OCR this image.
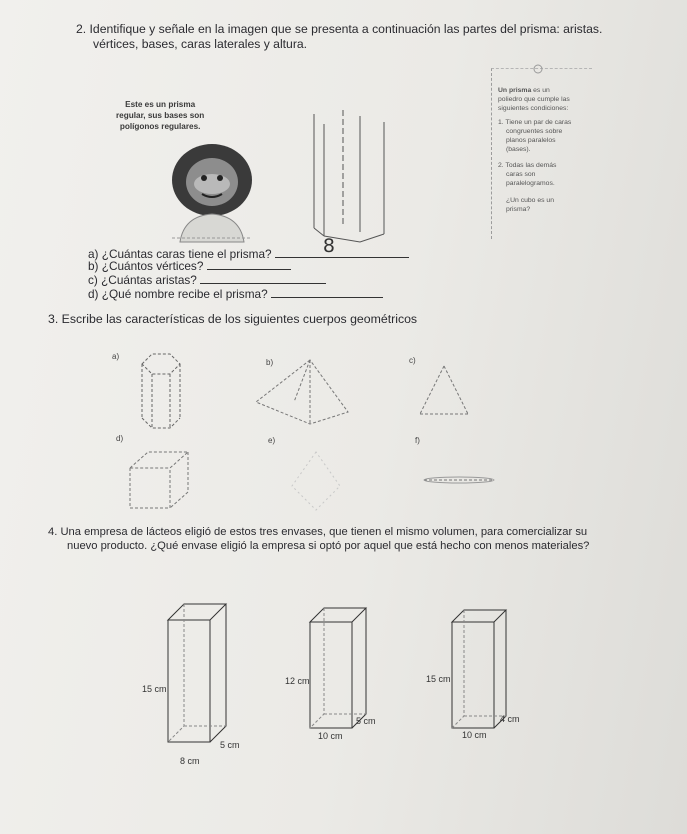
2. Identifique y señale en la imagen que se presenta a continuación las partes del prisma: aristas.
vértices, bases, caras laterales y altura.
Este es un prisma
regular, sus bases son
polígonos regulares.
Un prisma es un
poliedro que cumple las
siguientes condiciones:
1. Tiene un par de caras
congruentes sobre
planos paralelos
(bases).
2. Todas las demás
caras son
paralelogramos.
¿Un cubo es un
prisma?
a) ¿Cuántas caras tiene el prisma?	8
b) ¿Cuántos vértices?
c) ¿Cuántas aristas?
d) ¿Qué nombre recibe el prisma?
3. Escribe las características de los siguientes cuerpos geométricos
a)
b)	c)
d)	e)	f)
4. Una empresa de lácteos eligió de estos tres envases, que tienen el mismo volumen, para comercializar su
nuevo producto. ¿Qué envase eligió la empresa si optó por aquel que está hecho con menos materiales?
15 cm
5 cm
8 cm
12 cm
5 cm
10 cm
15 cm
4 cm
10 cm
